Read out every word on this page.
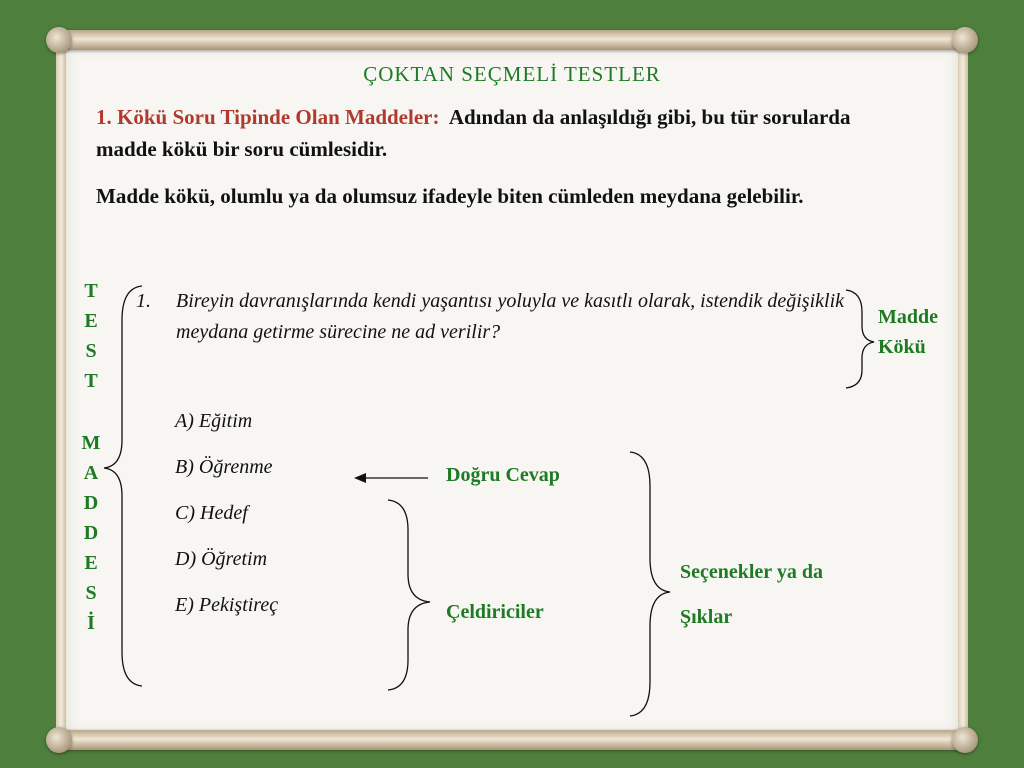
ÇOKTAN SEÇMELİ TESTLER
1. Kökü Soru Tipinde Olan Maddeler: Adından da anlaşıldığı gibi, bu tür sorularda madde kökü bir soru cümlesidir.
Madde kökü, olumlu ya da olumsuz ifadeyle biten cümleden meydana gelebilir.
T
E
S
T
M
A
D
D
E
S
İ
1. Bireyin davranışlarında kendi yaşantısı yoluyla ve kasıtlı olarak, istendik değişiklik meydana getirme sürecine ne ad verilir?
A) Eğitim
B) Öğrenme
C) Hedef
D) Öğretim
E) Pekiştireç
Madde
Kökü
Doğru Cevap
Çeldiriciler
Seçenekler ya da
Şıklar
